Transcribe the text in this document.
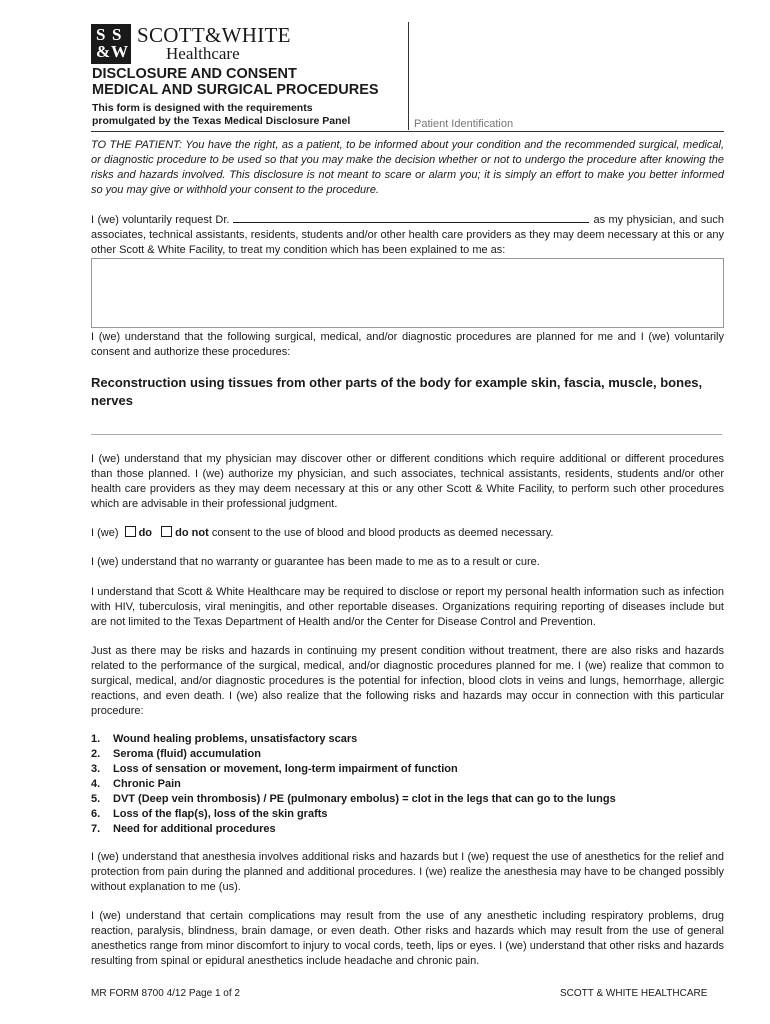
S S
& W
SCOTT&WHITE
Healthcare
DISCLOSURE AND CONSENT
MEDICAL AND SURGICAL PROCEDURES
This form is designed with the requirements
promulgated by the Texas Medical Disclosure Panel	Patient Identification
TO THE PATIENT: You have the right, as a patient, to be informed about your condition and the recommended surgical, medical, or diagnostic procedure to be used so that you may make the decision whether or not to undergo the procedure after knowing the risks and hazards involved. This disclosure is not meant to scare or alarm you; it is simply an effort to make you better informed so you may give or withhold your consent to the procedure.
I (we) voluntarily request Dr.	as my physician, and such associates, technical assistants, residents, students and/or other health care providers as they may deem necessary at this or any other Scott & White Facility, to treat my condition which has been explained to me as:
I (we) understand that the following surgical, medical, and/or diagnostic procedures are planned for me and I (we) voluntarily consent and authorize these procedures:
Reconstruction using tissues from other parts of the body for example skin, fascia, muscle, bones, nerves
I (we) understand that my physician may discover other or different conditions which require additional or different procedures than those planned. I (we) authorize my physician, and such associates, technical assistants, residents, students and/or other health care providers as they may deem necessary at this or any other Scott & White Facility, to perform such other procedures which are advisable in their professional judgment.
I (we) do do not consent to the use of blood and blood products as deemed necessary.
I (we) understand that no warranty or guarantee has been made to me as to a result or cure.
I understand that Scott & White Healthcare may be required to disclose or report my personal health information such as infection with HIV, tuberculosis, viral meningitis, and other reportable diseases. Organizations requiring reporting of diseases include but are not limited to the Texas Department of Health and/or the Center for Disease Control and Prevention.
Just as there may be risks and hazards in continuing my present condition without treatment, there are also risks and hazards related to the performance of the surgical, medical, and/or diagnostic procedures planned for me. I (we) realize that common to surgical, medical, and/or diagnostic procedures is the potential for infection, blood clots in veins and lungs, hemorrhage, allergic reactions, and even death. I (we) also realize that the following risks and hazards may occur in connection with this particular procedure:
1.	Wound healing problems, unsatisfactory scars
2.	Seroma (fluid) accumulation
3.	Loss of sensation or movement, long-term impairment of function
4.	Chronic Pain
5.	DVT (Deep vein thrombosis) / PE (pulmonary embolus) = clot in the legs that can go to the lungs
6.	Loss of the flap(s), loss of the skin grafts
7.	Need for additional procedures
I (we) understand that anesthesia involves additional risks and hazards but I (we) request the use of anesthetics for the relief and protection from pain during the planned and additional procedures. I (we) realize the anesthesia may have to be changed possibly without explanation to me (us).
I (we) understand that certain complications may result from the use of any anesthetic including respiratory problems, drug reaction, paralysis, blindness, brain damage, or even death. Other risks and hazards which may result from the use of general anesthetics range from minor discomfort to injury to vocal cords, teeth, lips or eyes. I (we) understand that other risks and hazards resulting from spinal or epidural anesthetics include headache and chronic pain.
MR FORM 8700 4/12 Page 1 of 2	SCOTT & WHITE HEALTHCARE
